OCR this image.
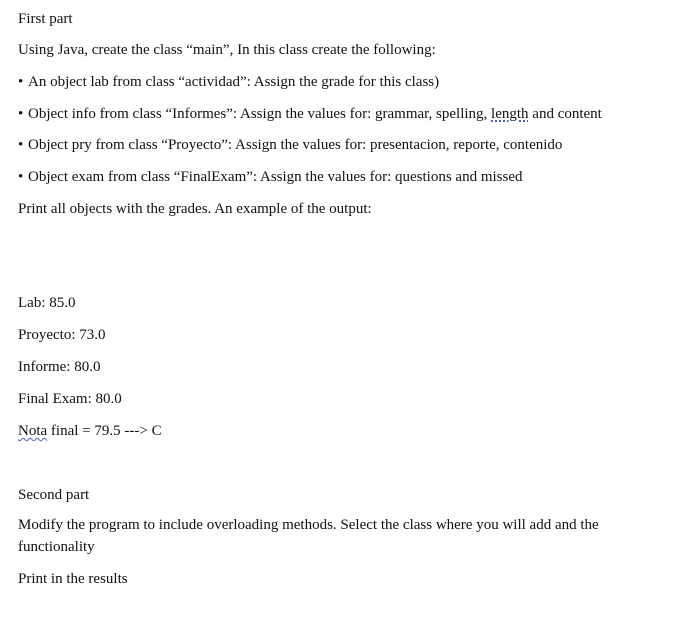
First part
Using Java, create the class “main”, In this class create the following:
• An object lab from class “actividad”: Assign the grade for this class)
• Object info from class “Informes”: Assign the values for: grammar, spelling, length and content
• Object pry from class “Proyecto”: Assign the values for: presentacion, reporte, contenido
• Object exam from class “FinalExam”: Assign the values for: questions and missed
Print all objects with the grades. An example of the output:
Lab: 85.0
Proyecto: 73.0
Informe: 80.0
Final Exam: 80.0
Nota final = 79.5 ---> C
Second part
Modify the program to include overloading methods. Select the class where you will add and the functionality
Print in the results
